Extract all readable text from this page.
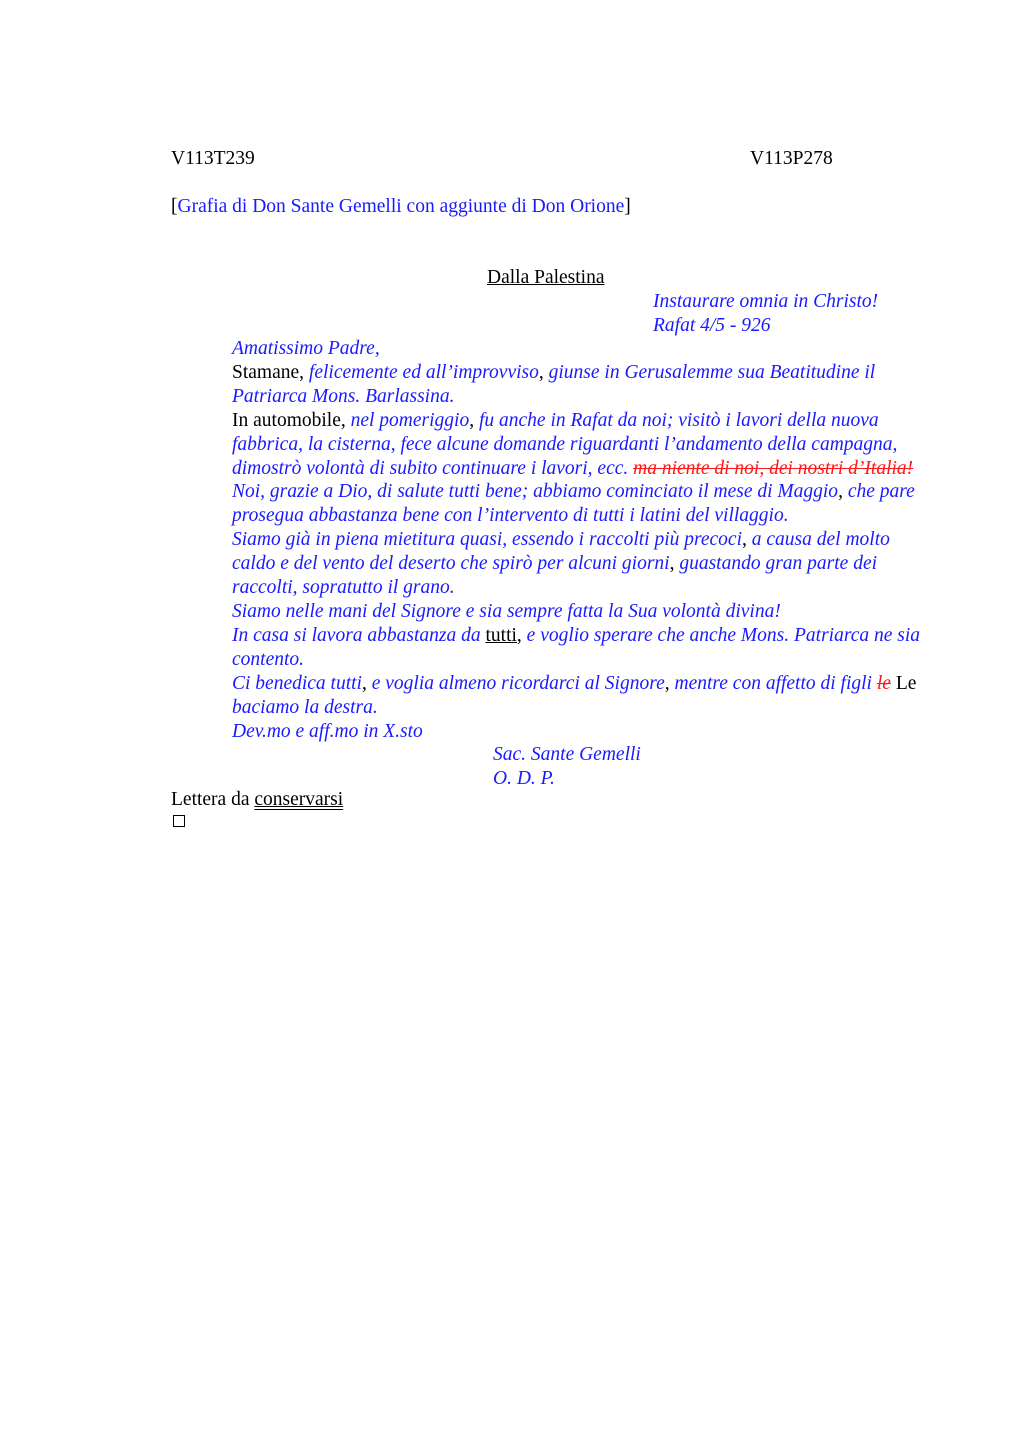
V113T239	V113P278
[Grafia di Don Sante Gemelli con aggiunte di Don Orione]
Dalla Palestina
Instaurare omnia in Christo!
Rafat 4/5 - 926

Amatissimo Padre,

Stamane, felicemente ed all’improvviso, giunse in Gerusalemme sua Beatitudine il Patriarca Mons. Barlassina.

In automobile, nel pomeriggio, fu anche in Rafat da noi; visitò i lavori della nuova fabbrica, la cisterna, fece alcune domande riguardanti l’andamento della campagna, dimostrò volontà di subito continuare i lavori, ecc. ma niente di noi, dei nostri d’Italia!

Noi, grazie a Dio, di salute tutti bene; abbiamo cominciato il mese di Maggio, che pare prosegua abbastanza bene con l’intervento di tutti i latini del villaggio.

Siamo già in piena mietitura quasi, essendo i raccolti più precoci, a causa del molto caldo e del vento del deserto che spirò per alcuni giorni, guastando gran parte dei raccolti, sopratutto il grano.

Siamo nelle mani del Signore e sia sempre fatta la Sua volontà divina!

In casa si lavora abbastanza da tutti, e voglio sperare che anche Mons. Patriarca ne sia contento.

Ci benedica tutti, e voglia almeno ricordarci al Signore, mentre con affetto di figli le Le baciamo la destra.

Dev.mo e aff.mo in X.sto

Sac. Sante Gemelli

O. D. P.

Lettera da conservarsi
